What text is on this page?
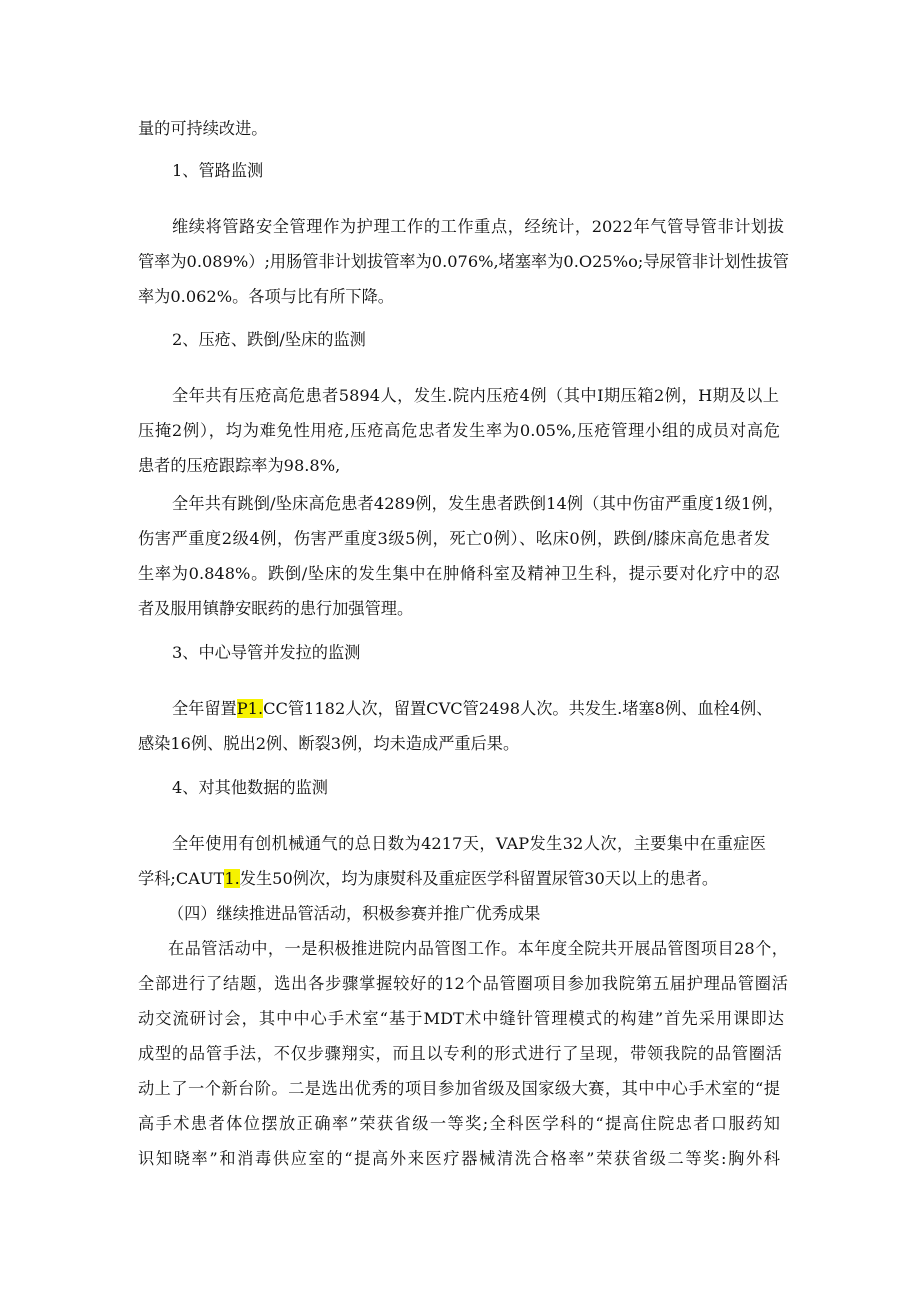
量的可持续改进。
1、管路监测
维续将管路安全管理作为护理工作的工作重点，经统计，2022年气管导管非计划拔
管率为0.089%）;用肠管非计划拔管率为0.076%,堵塞率为0.O25%o;导尿管非计划性拔管
率为0.062%。各项与比有所下降。
2、压疮、跌倒/坠床的监测
全年共有压疮高危患者5894人，发生.院内压疮4例（其中I期压箱2例，H期及以上
压掩2例），均为难免性用疮,压疮高危忠者发生率为0.05%,压疮管理小组的成员对高危
患者的压疮跟踪率为98.8%,
全年共有跳倒/坠床高危患者4289例，发生患者跌倒14例（其中伤宙严重度1级1例，
伤害严重度2级4例，伤害严重度3级5例，死亡0例）、吆床0例，跌倒/膝床高危患者发
生率为0.848%。跌倒/坠床的发生集中在肿脩科室及精神卫生科，提示要对化疗中的忍
者及服用镇静安眠药的患行加强管理。
3、中心导管并发拉的监测
全年留置P1.CC管1182人次，留置CVC管2498人次。共发生.堵塞8例、血栓4例、
感染16例、脱出2例、断裂3例，均未造成严重后果。
4、对其他数据的监测
全年使用有创机械通气的总日数为4217天，VAP发生32人次，主要集中在重症医
学科;CAUT1.发生50例次，均为康熨科及重症医学科留置尿管30天以上的患者。
（四）继续推进品管活动，积极参赛并推广优秀成果
在品管活动中，一是积极推进院内品管图工作。本年度全院共开展品管图项目28个，
全部进行了结题，选出各步骤掌握较好的12个品管圈项目参加我院第五届护理品管圈活
动交流研讨会，其中中心手术室“基于MDT术中缝针管理模式的构建”首先采用课即达
成型的品管手法，不仅步骤翔实，而且以专利的形式进行了呈现，带领我院的品管圈活
动上了一个新台阶。二是选出优秀的项目参加省级及国家级大赛，其中中心手术室的“提
高手术患者体位摆放正确率”荣获省级一等奖;全科医学科的“提高住院忠者口服药知
识知晓率”和消毒供应室的“提高外来医疗器械清洗合格率”荣获省级二等奖:胸外科
